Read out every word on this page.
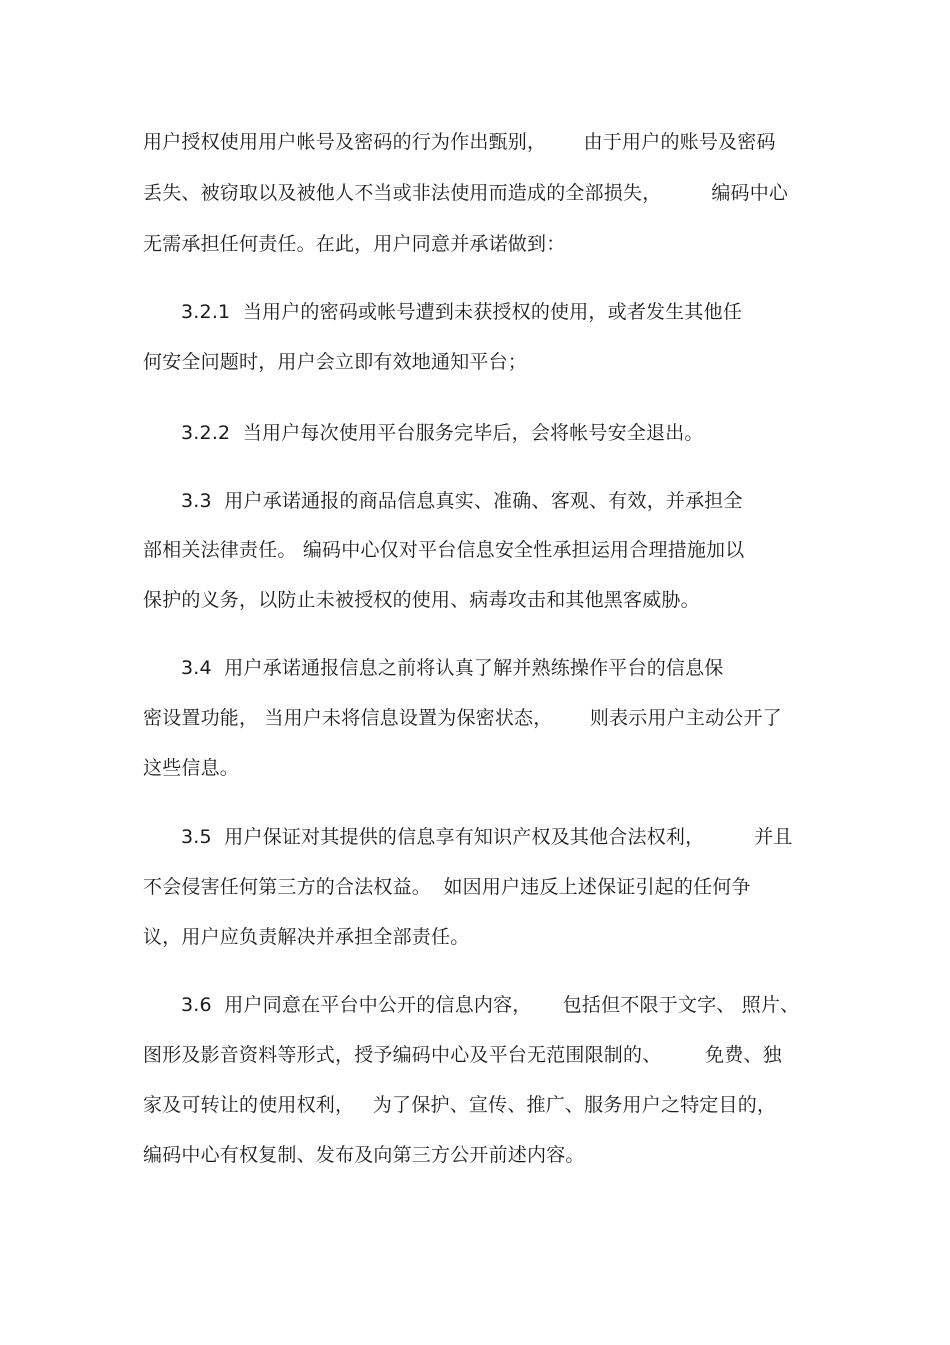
用户授权使用用户帐号及密码的行为作出甄别，      由于用户的账号及密码
丢失、被窃取以及被他人不当或非法使用而造成的全部损失，        编码中心
无需承担任何责任。在此，用户同意并承诺做到：
3.2.1  当用户的密码或帐号遭到未获授权的使用，或者发生其他任
何安全问题时，用户会立即有效地通知平台；
3.2.2  当用户每次使用平台服务完毕后，会将帐号安全退出。
3.3  用户承诺通报的商品信息真实、准确、客观、有效，并承担全
部相关法律责任。 编码中心仅对平台信息安全性承担运用合理措施加以
保护的义务，以防止未被授权的使用、病毒攻击和其他黑客威胁。
3.4  用户承诺通报信息之前将认真了解并熟练操作平台的信息保
密设置功能， 当用户未将信息设置为保密状态，      则表示用户主动公开了
这些信息。
3.5  用户保证对其提供的信息享有知识产权及其他合法权利，        并且
不会侵害任何第三方的合法权益。  如因用户违反上述保证引起的任何争
议，用户应负责解决并承担全部责任。
3.6  用户同意在平台中公开的信息内容，     包括但不限于文字、 照片、
图形及影音资料等形式，授予编码中心及平台无范围限制的、       免费、独
家及可转让的使用权利，   为了保护、宣传、推广、服务用户之特定目的，
编码中心有权复制、发布及向第三方公开前述内容。
